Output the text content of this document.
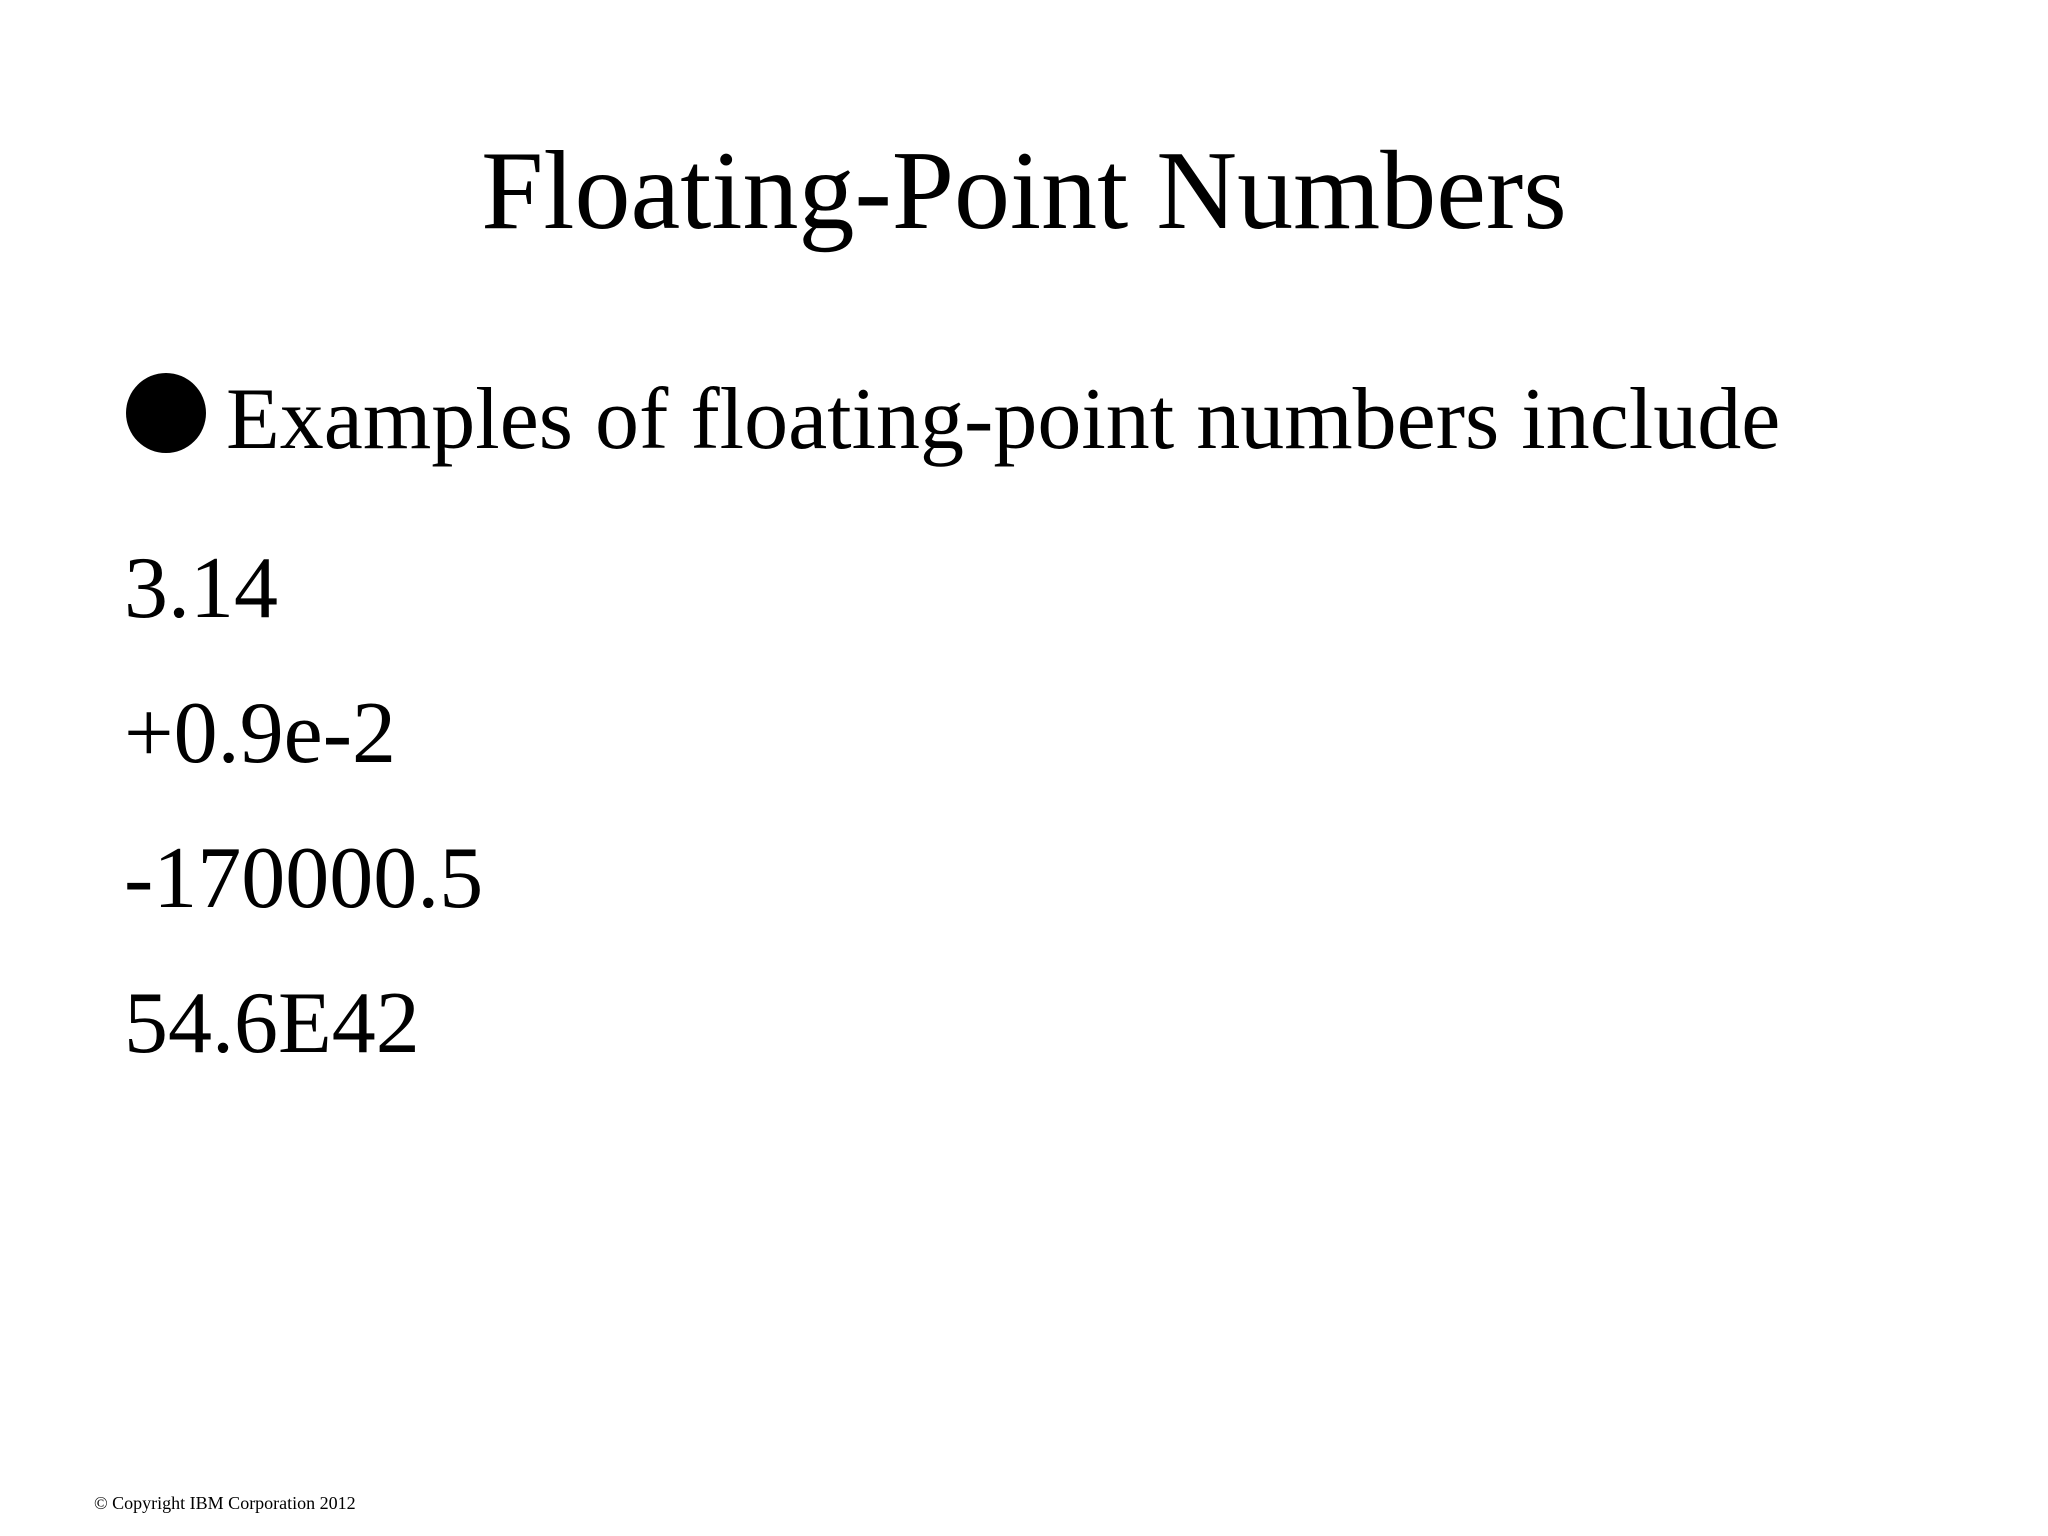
Floating-Point Numbers
Examples of floating-point numbers include
3.14
+0.9e-2
-170000.5
54.6E42
© Copyright IBM Corporation 2012
